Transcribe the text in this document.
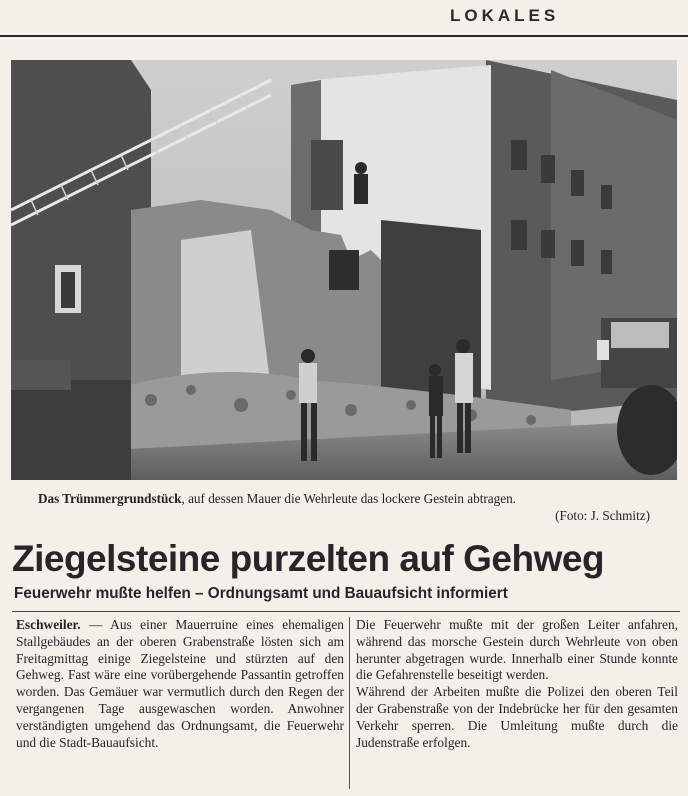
LOKALES
Das Trümmergrundstück, auf dessen Mauer die Wehrleute das lockere Gestein abtragen.
(Foto: J. Schmitz)
Ziegelsteine purzelten auf Gehweg
Feuerwehr mußte helfen – Ordnungsamt und Bauaufsicht informiert

Eschweiler. — Aus einer Mauerruine eines ehemaligen Stallgebäudes an der oberen Grabenstraße lösten sich am Freitagmittag einige Ziegelsteine und stürzten auf den Gehweg. Fast wäre eine vorübergehende Passantin getroffen worden. Das Gemäuer war vermutlich durch den Regen der vergangenen Tage ausgewaschen worden. Anwohner verständigten umgehend das Ordnungsamt, die Feuerwehr und die Stadt-Bauaufsicht.

Die Feuerwehr mußte mit der großen Leiter anfahren, während das morsche Gestein durch Wehrleute von oben herunter abgetragen wurde. Innerhalb einer Stunde konnte die Gefahrenstelle beseitigt werden.

Während der Arbeiten mußte die Polizei den oberen Teil der Grabenstraße von der Indebrücke her für den gesamten Verkehr sperren. Die Umleitung mußte durch die Judenstraße erfolgen.
